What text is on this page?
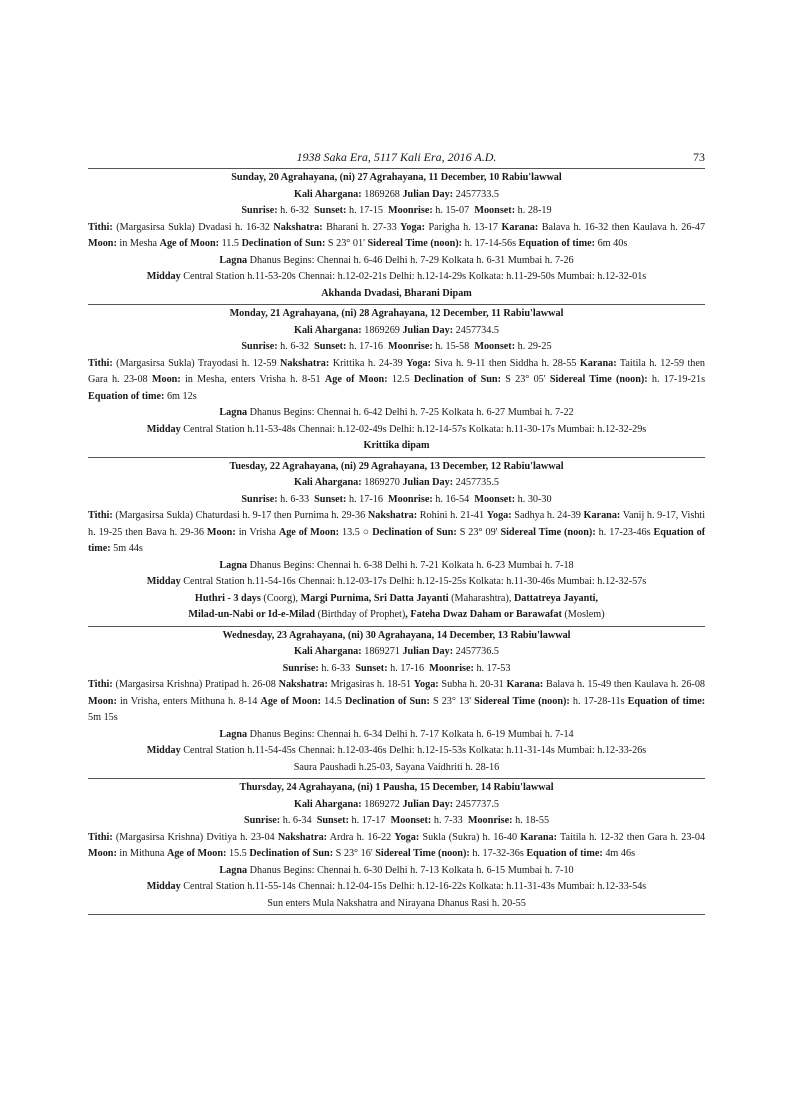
1938 Saka Era, 5117 Kali Era, 2016 A.D.	73
Sunday, 20 Agrahayana, (ni) 27 Agrahayana, 11 December, 10 Rabiu'lawwal
Kali Ahargana: 1869268 Julian Day: 2457733.5
Sunrise: h. 6-32 Sunset: h. 17-15 Moonrise: h. 15-07 Moonset: h. 28-19
Tithi: (Margasirsa Sukla) Dvadasi h. 16-32 Nakshatra: Bharani h. 27-33 Yoga: Parigha h. 13-17 Karana: Balava h. 16-32 then Kaulava h. 26-47 Moon: in Mesha Age of Moon: 11.5 Declination of Sun: S 23° 01' Sidereal Time (noon): h. 17-14-56s Equation of time: 6m 40s
Lagna Dhanus Begins: Chennai h. 6-46 Delhi h. 7-29 Kolkata h. 6-31 Mumbai h. 7-26
Midday Central Station h.11-53-20s Chennai: h.12-02-21s Delhi: h.12-14-29s Kolkata: h.11-29-50s Mumbai: h.12-32-01s
Akhanda Dvadasi, Bharani Dipam
Monday, 21 Agrahayana, (ni) 28 Agrahayana, 12 December, 11 Rabiu'lawwal
Kali Ahargana: 1869269 Julian Day: 2457734.5
Sunrise: h. 6-32 Sunset: h. 17-16 Moonrise: h. 15-58 Moonset: h. 29-25
Tithi: (Margasirsa Sukla) Trayodasi h. 12-59 Nakshatra: Krittika h. 24-39 Yoga: Siva h. 9-11 then Siddha h. 28-55 Karana: Taitila h. 12-59 then Gara h. 23-08 Moon: in Mesha, enters Vrisha h. 8-51 Age of Moon: 12.5 Declination of Sun: S 23° 05' Sidereal Time (noon): h. 17-19-21s Equation of time: 6m 12s
Lagna Dhanus Begins: Chennai h. 6-42 Delhi h. 7-25 Kolkata h. 6-27 Mumbai h. 7-22
Midday Central Station h.11-53-48s Chennai: h.12-02-49s Delhi: h.12-14-57s Kolkata: h.11-30-17s Mumbai: h.12-32-29s
Krittika dipam
Tuesday, 22 Agrahayana, (ni) 29 Agrahayana, 13 December, 12 Rabiu'lawwal
Kali Ahargana: 1869270 Julian Day: 2457735.5
Sunrise: h. 6-33 Sunset: h. 17-16 Moonrise: h. 16-54 Moonset: h. 30-30
Tithi: (Margasirsa Sukla) Chaturdasi h. 9-17 then Purnima h. 29-36 Nakshatra: Rohini h. 21-41 Yoga: Sadhya h. 24-39 Karana: Vanij h. 9-17, Vishti h. 19-25 then Bava h. 29-36 Moon: in Vrisha Age of Moon: 13.5 ○ Declination of Sun: S 23° 09' Sidereal Time (noon): h. 17-23-46s Equation of time: 5m 44s
Lagna Dhanus Begins: Chennai h. 6-38 Delhi h. 7-21 Kolkata h. 6-23 Mumbai h. 7-18
Midday Central Station h.11-54-16s Chennai: h.12-03-17s Delhi: h.12-15-25s Kolkata: h.11-30-46s Mumbai: h.12-32-57s
Huthri - 3 days (Coorg), Margi Purnima, Sri Datta Jayanti (Maharashtra), Dattatreya Jayanti,
Milad-un-Nabi or Id-e-Milad (Birthday of Prophet), Fateha Dwaz Daham or Barawafat (Moslem)
Wednesday, 23 Agrahayana, (ni) 30 Agrahayana, 14 December, 13 Rabiu'lawwal
Kali Ahargana: 1869271 Julian Day: 2457736.5
Sunrise: h. 6-33 Sunset: h. 17-16 Moonrise: h. 17-53
Tithi: (Margasirsa Krishna) Pratipad h. 26-08 Nakshatra: Mrigasiras h. 18-51 Yoga: Subha h. 20-31 Karana: Balava h. 15-49 then Kaulava h. 26-08 Moon: in Vrisha, enters Mithuna h. 8-14 Age of Moon: 14.5 Declination of Sun: S 23° 13' Sidereal Time (noon): h. 17-28-11s Equation of time: 5m 15s
Lagna Dhanus Begins: Chennai h. 6-34 Delhi h. 7-17 Kolkata h. 6-19 Mumbai h. 7-14
Midday Central Station h.11-54-45s Chennai: h.12-03-46s Delhi: h.12-15-53s Kolkata: h.11-31-14s Mumbai: h.12-33-26s
Saura Paushadi h.25-03, Sayana Vaidhriti h. 28-16
Thursday, 24 Agrahayana, (ni) 1 Pausha, 15 December, 14 Rabiu'lawwal
Kali Ahargana: 1869272 Julian Day: 2457737.5
Sunrise: h. 6-34 Sunset: h. 17-17 Moonset: h. 7-33 Moonrise: h. 18-55
Tithi: (Margasirsa Krishna) Dvitiya h. 23-04 Nakshatra: Ardra h. 16-22 Yoga: Sukla (Sukra) h. 16-40 Karana: Taitila h. 12-32 then Gara h. 23-04 Moon: in Mithuna Age of Moon: 15.5 Declination of Sun: S 23° 16' Sidereal Time (noon): h. 17-32-36s Equation of time: 4m 46s
Lagna Dhanus Begins: Chennai h. 6-30 Delhi h. 7-13 Kolkata h. 6-15 Mumbai h. 7-10
Midday Central Station h.11-55-14s Chennai: h.12-04-15s Delhi: h.12-16-22s Kolkata: h.11-31-43s Mumbai: h.12-33-54s
Sun enters Mula Nakshatra and Nirayana Dhanus Rasi h. 20-55
